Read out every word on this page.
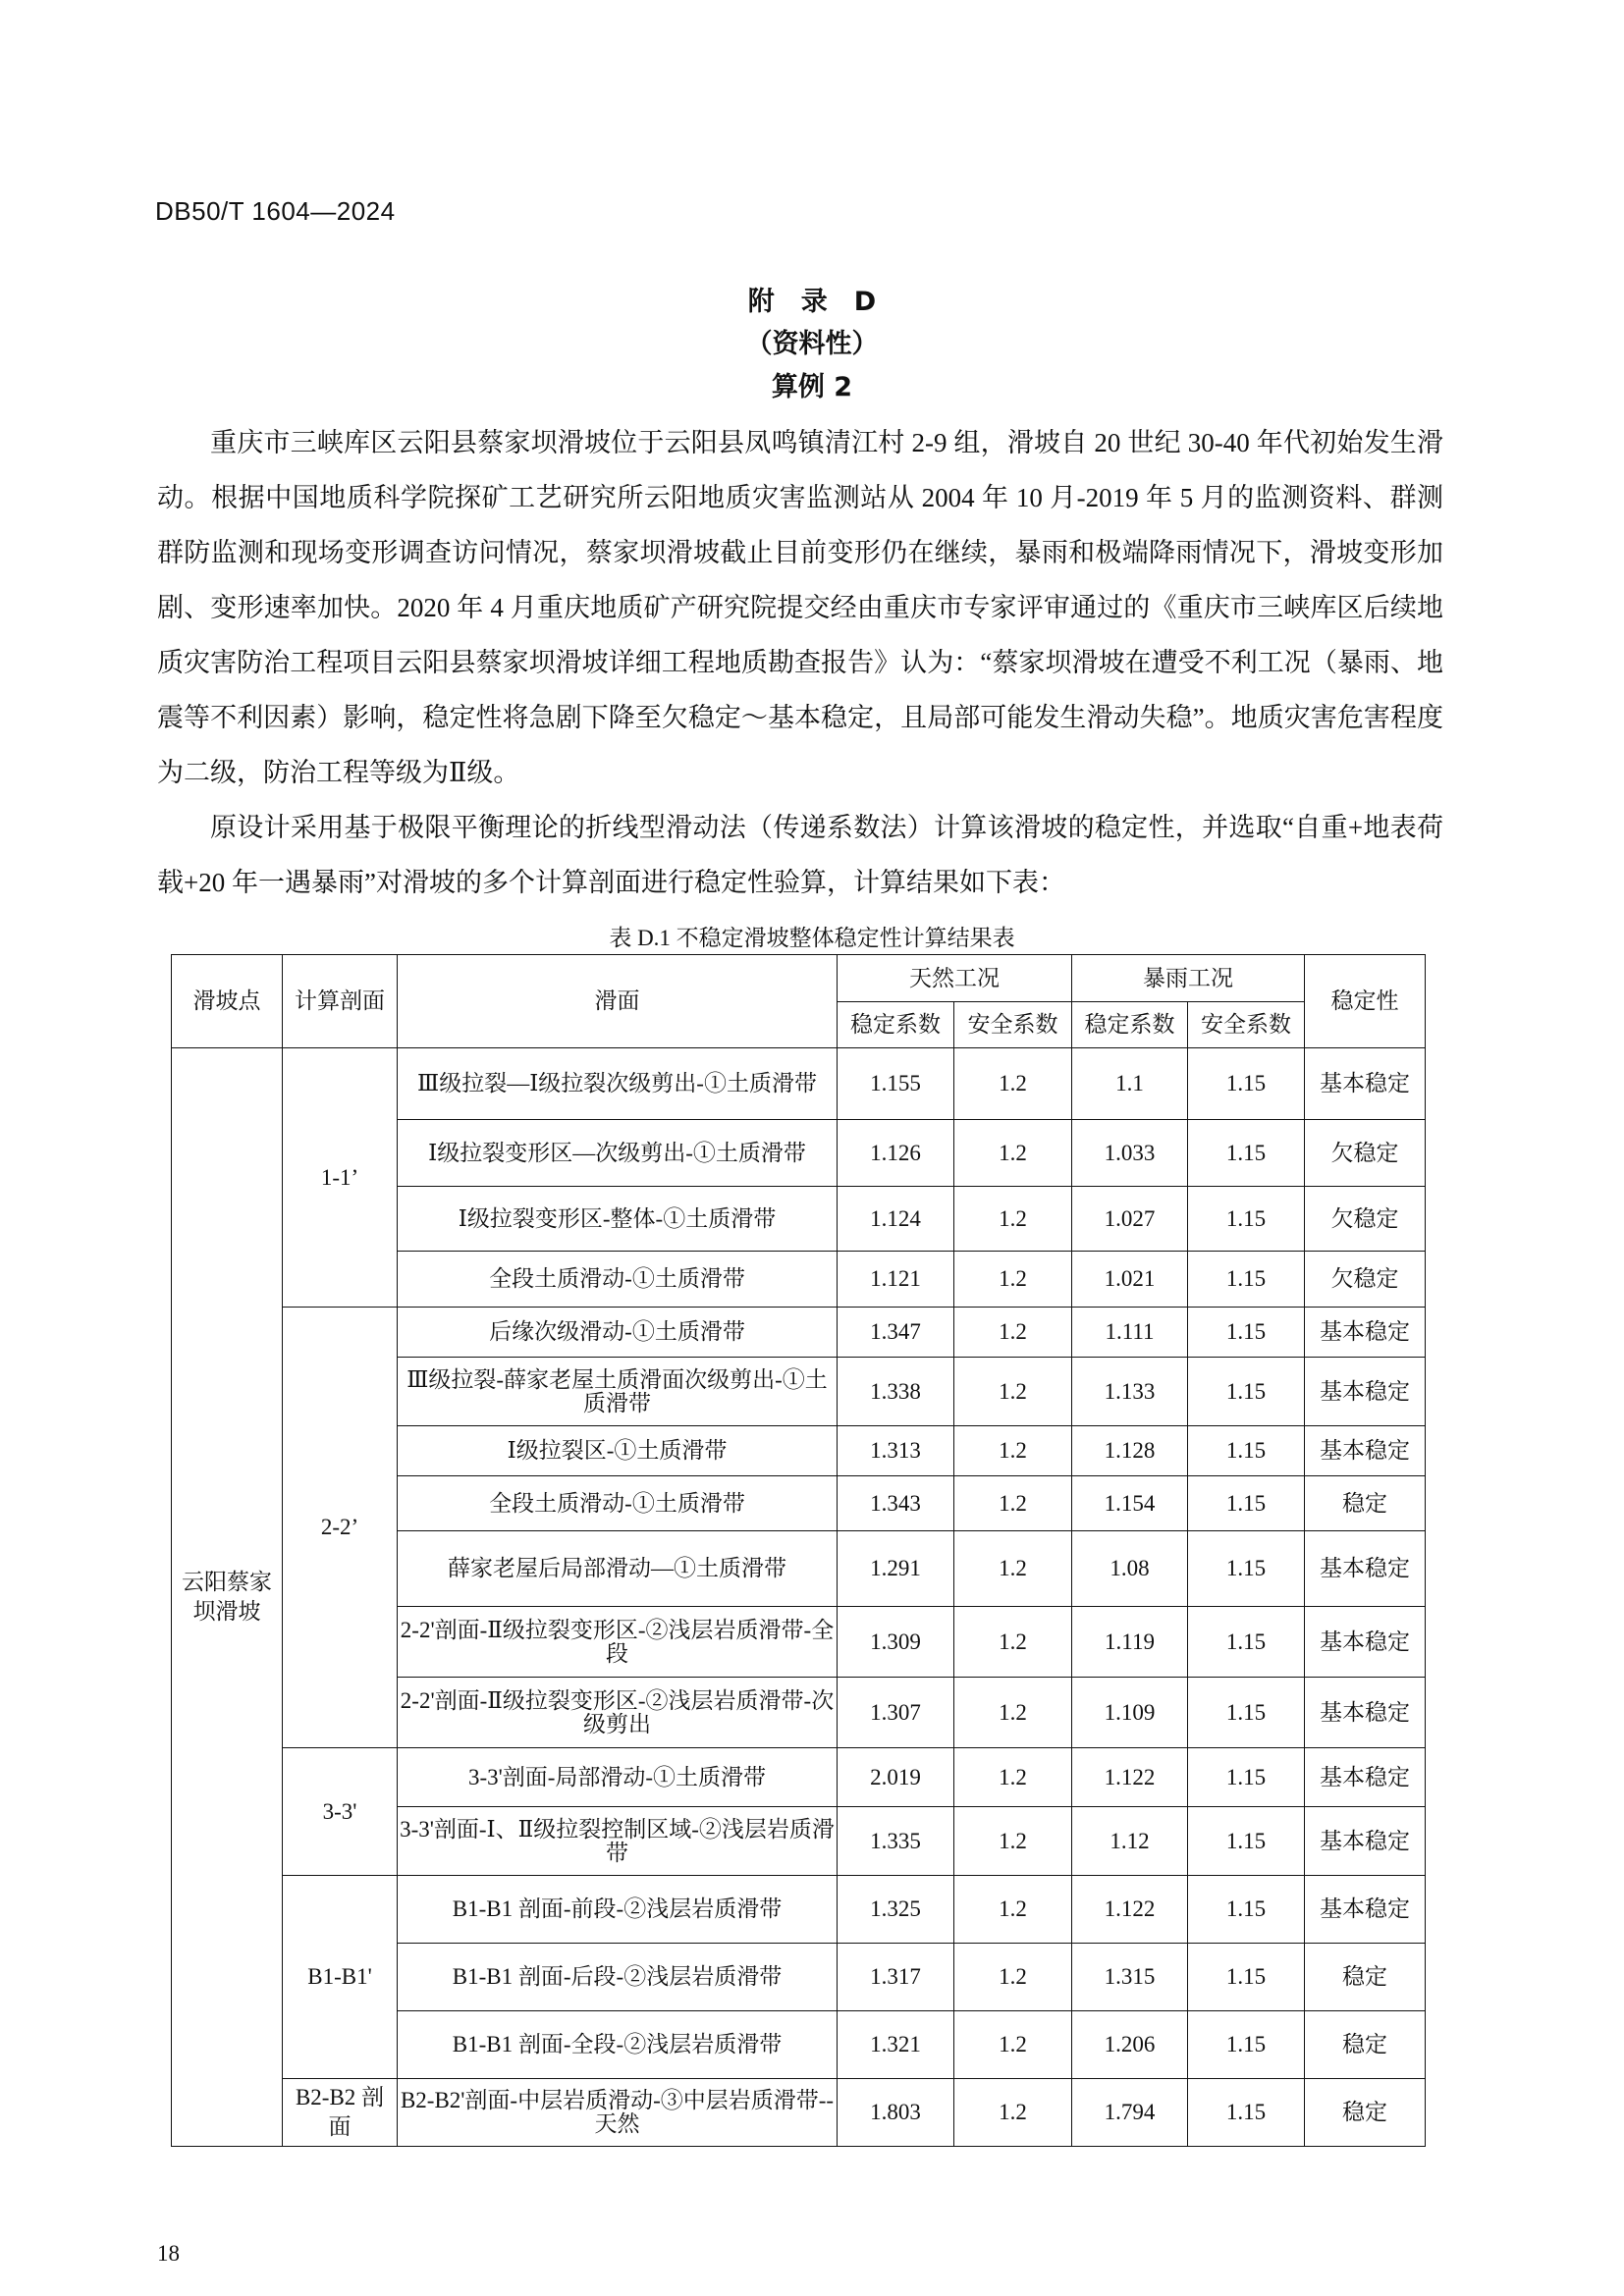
DB50/T 1604—2024
附　录　D
（资料性）
算例 2

重庆市三峡库区云阳县蔡家坝滑坡位于云阳县凤鸣镇清江村 2-9 组，滑坡自 20 世纪 30-40 年代初始发生滑动。根据中国地质科学院探矿工艺研究所云阳地质灾害监测站从 2004 年 10 月-2019 年 5 月的监测资料、群测群防监测和现场变形调查访问情况，蔡家坝滑坡截止目前变形仍在继续，暴雨和极端降雨情况下，滑坡变形加剧、变形速率加快。2020 年 4 月重庆地质矿产研究院提交经由重庆市专家评审通过的《重庆市三峡库区后续地质灾害防治工程项目云阳县蔡家坝滑坡详细工程地质勘查报告》认为：“蔡家坝滑坡在遭受不利工况（暴雨、地震等不利因素）影响，稳定性将急剧下降至欠稳定～基本稳定，且局部可能发生滑动失稳”。地质灾害危害程度为二级，防治工程等级为Ⅱ级。

原设计采用基于极限平衡理论的折线型滑动法（传递系数法）计算该滑坡的稳定性，并选取“自重+地表荷载+20 年一遇暴雨”对滑坡的多个计算剖面进行稳定性验算，计算结果如下表：

表 D.1 不稳定滑坡整体稳定性计算结果表
滑坡点	计算剖面	滑面	天然工况		暴雨工况		稳定性
			稳定系数	安全系数	稳定系数	安全系数	
云阳蔡家坝滑坡	1-1’	Ⅲ级拉裂—Ⅰ级拉裂次级剪出-①土质滑带	1.155	1.2	1.1	1.15	基本稳定
		Ⅰ级拉裂变形区—次级剪出-①土质滑带	1.126	1.2	1.033	1.15	欠稳定
		Ⅰ级拉裂变形区-整体-①土质滑带	1.124	1.2	1.027	1.15	欠稳定
		全段土质滑动-①土质滑带	1.121	1.2	1.021	1.15	欠稳定
	2-2’	后缘次级滑动-①土质滑带	1.347	1.2	1.111	1.15	基本稳定
		Ⅲ级拉裂-薛家老屋土质滑面次级剪出-①土质滑带	1.338	1.2	1.133	1.15	基本稳定
		Ⅰ级拉裂区-①土质滑带	1.313	1.2	1.128	1.15	基本稳定
		全段土质滑动-①土质滑带	1.343	1.2	1.154	1.15	稳定
		薛家老屋后局部滑动—①土质滑带	1.291	1.2	1.08	1.15	基本稳定
		2-2'剖面-Ⅱ级拉裂变形区-②浅层岩质滑带-全段	1.309	1.2	1.119	1.15	基本稳定
		2-2'剖面-Ⅱ级拉裂变形区-②浅层岩质滑带-次级剪出	1.307	1.2	1.109	1.15	基本稳定
	3-3'	3-3'剖面-局部滑动-①土质滑带	2.019	1.2	1.122	1.15	基本稳定
		3-3'剖面-Ⅰ、Ⅱ级拉裂控制区域-②浅层岩质滑带	1.335	1.2	1.12	1.15	基本稳定
	B1-B1'	B1-B1 剖面-前段-②浅层岩质滑带	1.325	1.2	1.122	1.15	基本稳定
		B1-B1 剖面-后段-②浅层岩质滑带	1.317	1.2	1.315	1.15	稳定
		B1-B1 剖面-全段-②浅层岩质滑带	1.321	1.2	1.206	1.15	稳定
	B2-B2 剖面	B2-B2'剖面-中层岩质滑动-③中层岩质滑带--天然	1.803	1.2	1.794	1.15	稳定
18
